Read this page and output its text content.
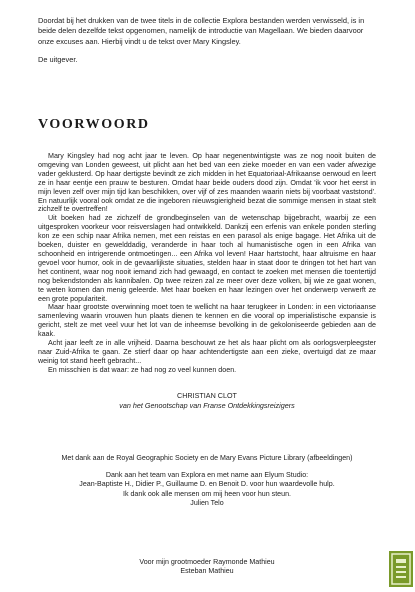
Doordat bij het drukken van de twee titels in de collectie Explora bestanden werden verwisseld, is in beide delen dezelfde tekst opgenomen, namelijk de introductie van Magellaan. We bieden daarvoor onze excuses aan. Hierbij vindt u de tekst over Mary Kingsley.

De uitgever.

VOORWOORD

Mary Kingsley had nog acht jaar te leven. Op haar negenentwintigste was ze nog nooit buiten de omgeving van Londen geweest, uit plicht aan het bed van een zieke moeder en van een vader afwezige vader geklusterd. Op haar dertigste bevindt ze zich midden in het Equatoriaal-Afrikaanse oerwoud en leert ze in haar eentje een prauw te besturen. Omdat haar beide ouders dood zijn. Omdat 'ik voor het eerst in mijn leven zelf over mijn tijd kan beschikken, over vijf of zes maanden waarin niets bij voorbaat vaststond'. En natuurlijk vooral ook omdat ze die ingeboren nieuwsgierigheid bezat die sommige mensen in staat stelt zichzelf te overtreffen!

Uit boeken had ze zichzelf de grondbeginselen van de wetenschap bijgebracht, waarbij ze een uitgesproken voorkeur voor reisverslagen had ontwikkeld. Dankzij een erfenis van enkele ponden sterling kon ze een schip naar Afrika nemen, met een reistas en een parasol als enige bagage. Het Afrika uit de boeken, duister en gewelddadig, veranderde in haar toch al humanistische ogen in een Afrika van schoonheid en intrigerende ontmoetingen... een Afrika vol leven! Haar hartstocht, haar altruisme en haar gevoel voor humor, ook in de gevaarlijkste situaties, stelden haar in staat door te dringen tot het hart van het continent, waar nog nooit iemand zich had gewaagd, en contact te zoeken met mensen die toentertijd nog bekendstonden als kannibalen. Op twee reizen zal ze meer over deze volken, bij wie ze gaat wonen, te weten komen dan menig geleerde. Met haar boeken en haar lezingen over het onderwerp verwerft ze een grote populariteit.

Maar haar grootste overwinning moet toen te wellicht na haar terugkeer in Londen: in een victoriaanse samenleving waarin vrouwen hun plaats dienen te kennen en die vooral op imperialistische expansie is gericht, stelt ze met veel vuur het lot van de inheemse bevolking in de gekoloniseerde gebieden aan de kaak.

Acht jaar leeft ze in alle vrijheid. Daarna beschouwt ze het als haar plicht om als oorlogsverpleegster naar Zuid-Afrika te gaan. Ze stierf daar op haar achtendertigste aan een zieke, overtuigd dat ze maar weinig tot stand heeft gebracht...

En misschien is dat waar: ze had nog zo veel kunnen doen.

CHRISTIAN CLOT
van het Genootschap van Franse Ontdekkingsreizigers

Met dank aan de Royal Geographic Society en de Mary Evans Picture Library (afbeeldingen)

Dank aan het team van Explora en met name aan Elyum Studio:

Jean-Baptiste H., Didier P., Guillaume D. en Benoit D. voor hun waardevolle hulp.

Ik dank ook alle mensen om mij heen voor hun steun.

Julien Telo

Voor mijn grootmoeder Raymonde Mathieu
Esteban Mathieu
